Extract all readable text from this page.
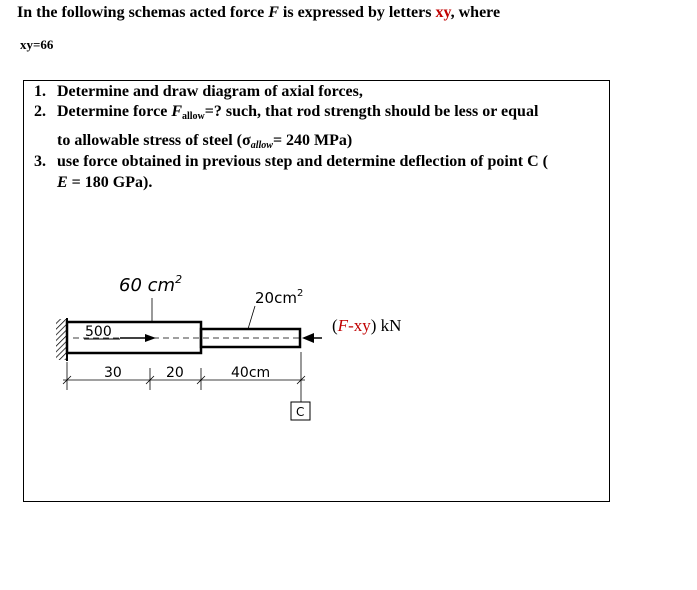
In the following schemas acted force F is expressed by letters xy, where
xy=66
1. Determine and draw diagram of axial forces,
2. Determine force $F_{allow}=$? such, that rod strength should be less or equal
to allowable stress of steel ($\sigma_{allow}= 240$ MPa)
3. use force obtained in previous step and determine deflection of point C (
E = 180 GPa).
60 $cm^2$
$20cm^2$
500	(F-xy) kN
30	20	40cm
C
